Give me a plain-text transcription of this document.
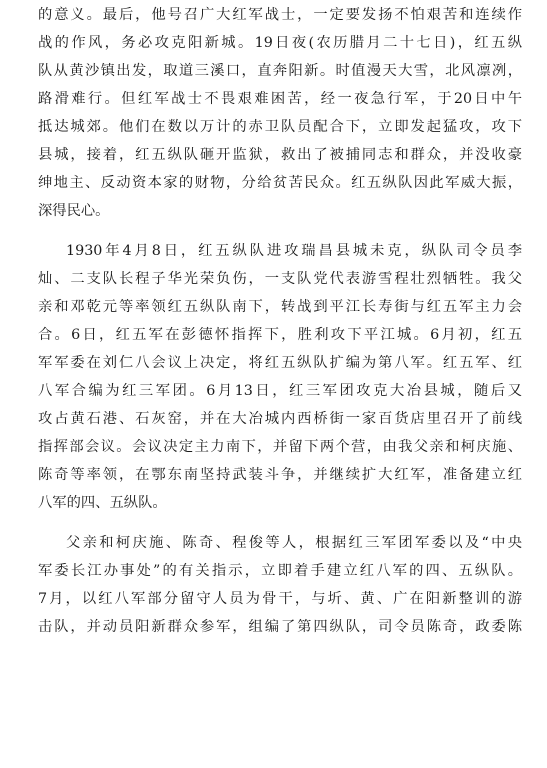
的意义。最后，他号召广大红军战士，一定要发扬不怕艰苦和连续作
战的作风，务必攻克阳新城。19日夜(农历腊月二十七日)，红五纵
队从黄沙镇出发，取道三溪口，直奔阳新。时值漫天大雪，北风凛冽，
路滑难行。但红军战士不畏艰难困苦，经一夜急行军，于20日中午
抵达城郊。他们在数以万计的赤卫队员配合下，立即发起猛攻，攻下
县城，接着，红五纵队砸开监狱，救出了被捕同志和群众，并没收豪
绅地主、反动资本家的财物，分给贫苦民众。红五纵队因此军威大振，
深得民心。
1930年4月8日，红五纵队进攻瑞昌县城未克，纵队司令员李
灿、二支队长程子华光荣负伤，一支队党代表游雪程壮烈牺牲。我父
亲和邓乾元等率领红五纵队南下，转战到平江长寿街与红五军主力会
合。6日，红五军在彭德怀指挥下，胜利攻下平江城。6月初，红五
军军委在刘仁八会议上决定，将红五纵队扩编为第八军。红五军、红
八军合编为红三军团。6月13日，红三军团攻克大冶县城，随后又
攻占黄石港、石灰窑，并在大冶城内西桥街一家百货店里召开了前线
指挥部会议。会议决定主力南下，并留下两个营，由我父亲和柯庆施、
陈奇等率领，在鄂东南坚持武装斗争，并继续扩大红军，准备建立红
八军的四、五纵队。
父亲和柯庆施、陈奇、程俊等人，根据红三军团军委以及“中央
军委长江办事处”的有关指示，立即着手建立红八军的四、五纵队。
7月，以红八军部分留守人员为骨干，与圻、黄、广在阳新整训的游
击队，并动员阳新群众参军，组编了第四纵队，司令员陈奇，政委陈
